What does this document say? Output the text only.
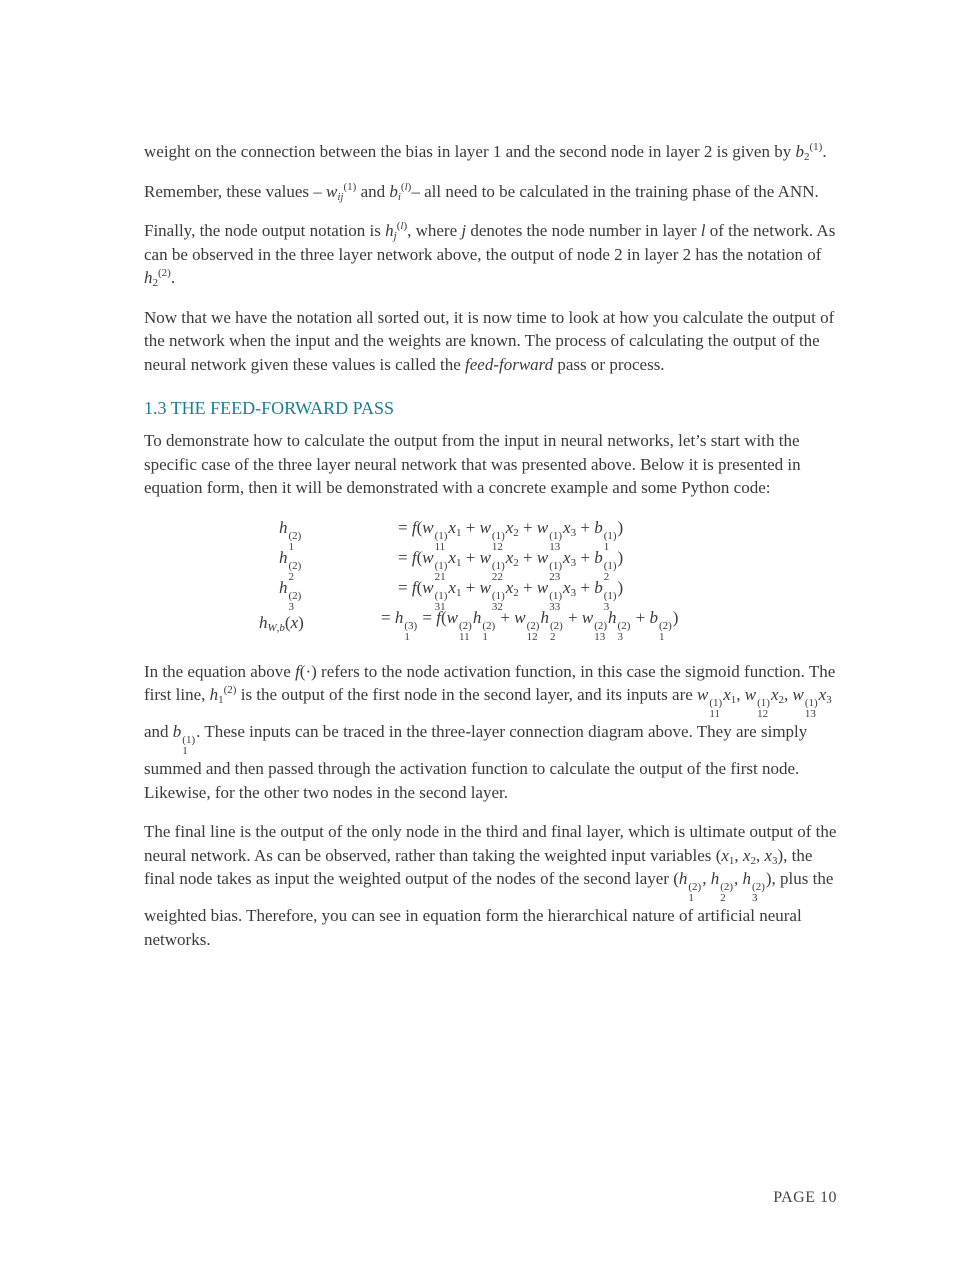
weight on the connection between the bias in layer 1 and the second node in layer 2 is given by $b_2^{(1)}$.

Remember, these values – $w_{ij}^{(1)}$ and $b_i^{(l)}-$ all need to be calculated in the training phase of the ANN.

Finally, the node output notation is $h_j^{(l)}$, where j denotes the node number in layer l of the network. As can be observed in the three layer network above, the output of node 2 in layer 2 has the notation of $h_2^{(2)}$.

Now that we have the notation all sorted out, it is now time to look at how you calculate the output of the network when the input and the weights are known. The process of calculating the output of the neural network given these values is called the feed-forward pass or process.

1.3 THE FEED-FORWARD PASS

To demonstrate how to calculate the output from the input in neural networks, let’s start with the specific case of the three layer neural network that was presented above. Below it is presented in equation form, then it will be demonstrated with a concrete example and some Python code:

h (2)
1
= f(w (1)
11
$x_1 + w$ (1)
12
$x_2 + w$ (1)
13
$x_3 + b$ (1)
1
)
h (2)
2
= f(w (1)
21
$x_1 + w$ (1)
22
$x_2 + w$ (1)
23
$x_3 + b$ (1)
2
)
h (2)
3
= f(w (1)
31
$x_1 + w$ (1)
32
$x_2 + w$ (1)
33
$x_3 + b$ (1)
3
)
$h_{W,b}(x)$	= h (3)
1
= f(w (2)
11
h (2)
1
+ w (2)
12
h (2)
2
+ w (2)
13
h (2)
3
+ b (2)
1
)

In the equation above f(·) refers to the node activation function, in this case the sigmoid function. The first line, $h_1^{(2)}$ is the output of the first node in the second layer, and its inputs are w (1)
11
$x_1$, w (1)
12
$x_2$, w (1)
13
$x_3$ and b (1)
1
. These inputs can be traced in the three-layer connection diagram above. They are simply summed and then passed through the activation function to calculate the output of the first node. Likewise, for the other two nodes in the second layer.

The final line is the output of the only node in the third and final layer, which is ultimate output of the neural network. As can be observed, rather than taking the weighted input variables ($x_1$, $x_2$, $x_3$), the final node takes as input the weighted output of the nodes of the second layer (h (2)
1
, h (2)
2
, h (2)
3
), plus the weighted bias. Therefore, you can see in equation form the hierarchical nature of artificial neural networks.

PAGE 10
